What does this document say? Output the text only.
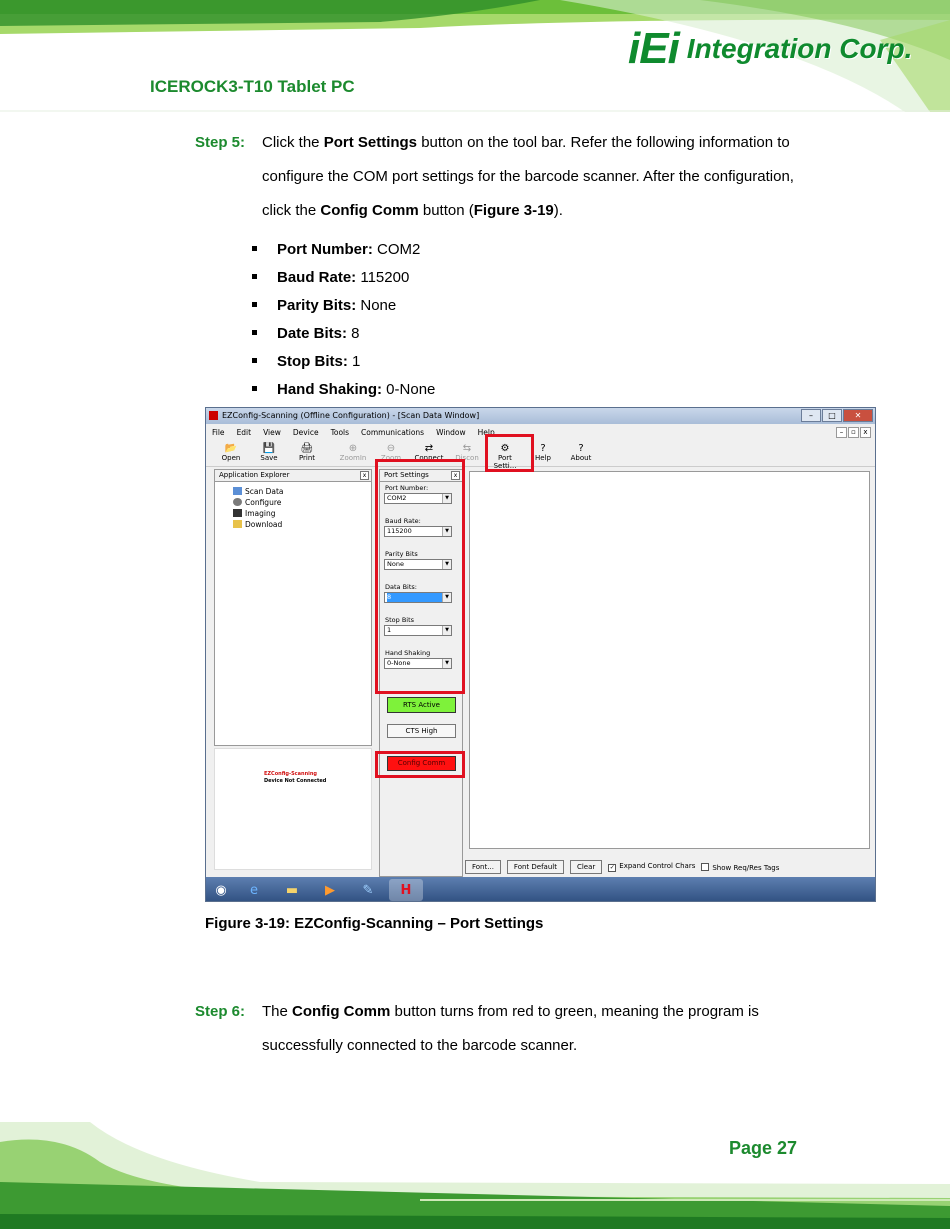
iEi Integration Corp.
ICEROCK3-T10 Tablet PC
Step 5: Click the Port Settings button on the tool bar. Refer the following information to
configure the COM port settings for the barcode scanner. After the configuration,
click the Config Comm button (Figure 3-19).
Port Number: COM2
Baud Rate: 115200
Parity Bits: None
Date Bits: 8
Stop Bits: 1
Hand Shaking: 0-None
EZConfig-Scanning (Offline Configuration) - [Scan Data Window]	–	□	✕
File Edit View Device Tools Communications Window Help	–	▫	x
📂
Open
💾
Save
🖨
Print
⊕
ZoomIn
⊖
Zoom
⇄
Connect
⇆
Discon
⚙
Port Setti...
?
Help
?
About
Application Explorer	x
Scan Data
Configure
Imaging
Download
EZConfig-Scanning
Device Not Connected
Port Settings	x
Port Number:
COM2	▼
Baud Rate:
115200	▼
Parity Bits
None	▼
Data Bits:
8	▼
Stop Bits
1	▼
Hand Shaking
0-None	▼
RTS Active
CTS High
Config Comm
Font...	Font Default	Clear	✓ Expand Control Chars	Show Req/Res Tags
◉	e	▬	▶	✎	H
Figure 3-19: EZConfig-Scanning – Port Settings
Step 6: The Config Comm button turns from red to green, meaning the program is
successfully connected to the barcode scanner.
Page 27
